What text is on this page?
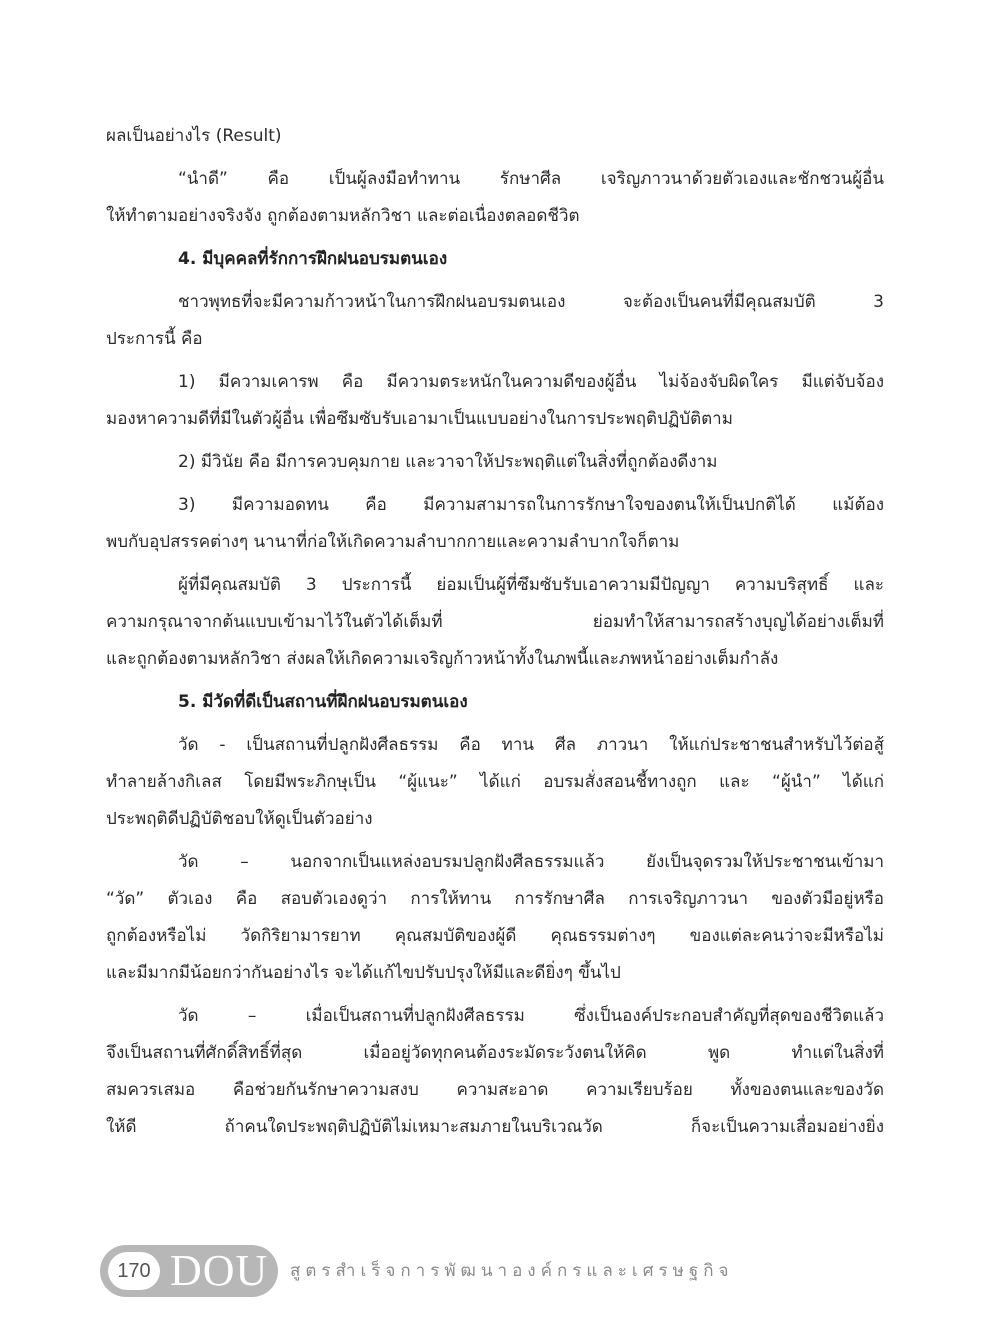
ผลเป็นอย่างไร (Result)
“นำดี” คือ เป็นผู้ลงมือทำทาน รักษาศีล เจริญภาวนาด้วยตัวเองและชักชวนผู้อื่น
ให้ทำตามอย่างจริงจัง ถูกต้องตามหลักวิชา และต่อเนื่องตลอดชีวิต
4. มีบุคคลที่รักการฝึกฝนอบรมตนเอง
ชาวพุทธที่จะมีความก้าวหน้าในการฝึกฝนอบรมตนเอง จะต้องเป็นคนที่มีคุณสมบัติ 3
ประการนี้ คือ
1) มีความเคารพ คือ มีความตระหนักในความดีของผู้อื่น ไม่จ้องจับผิดใคร มีแต่จับจ้อง
มองหาความดีที่มีในตัวผู้อื่น เพื่อซึมซับรับเอามาเป็นแบบอย่างในการประพฤติปฏิบัติตาม
2) มีวินัย คือ มีการควบคุมกาย และวาจาให้ประพฤติแต่ในสิ่งที่ถูกต้องดีงาม
3) มีความอดทน คือ มีความสามารถในการรักษาใจของตนให้เป็นปกติได้ แม้ต้อง
พบกับอุปสรรคต่างๆ นานาที่ก่อให้เกิดความลำบากกายและความลำบากใจก็ตาม
ผู้ที่มีคุณสมบัติ 3 ประการนี้ ย่อมเป็นผู้ที่ซึมซับรับเอาความมีปัญญา ความบริสุทธิ์ และ
ความกรุณาจากต้นแบบเข้ามาไว้ในตัวได้เต็มที่ ย่อมทำให้สามารถสร้างบุญได้อย่างเต็มที่
และถูกต้องตามหลักวิชา ส่งผลให้เกิดความเจริญก้าวหน้าทั้งในภพนี้และภพหน้าอย่างเต็มกำลัง
5. มีวัดที่ดีเป็นสถานที่ฝึกฝนอบรมตนเอง
วัด - เป็นสถานที่ปลูกฝังศีลธรรม คือ ทาน ศีล ภาวนา ให้แก่ประชาชนสำหรับไว้ต่อสู้
ทำลายล้างกิเลส โดยมีพระภิกษุเป็น “ผู้แนะ” ได้แก่ อบรมสั่งสอนชี้ทางถูก และ “ผู้นำ” ได้แก่
ประพฤติดีปฏิบัติชอบให้ดูเป็นตัวอย่าง
วัด – นอกจากเป็นแหล่งอบรมปลูกฝังศีลธรรมแล้ว ยังเป็นจุดรวมให้ประชาชนเข้ามา
“วัด” ตัวเอง คือ สอบตัวเองดูว่า การให้ทาน การรักษาศีล การเจริญภาวนา ของตัวมีอยู่หรือ
ถูกต้องหรือไม่ วัดกิริยามารยาท คุณสมบัติของผู้ดี คุณธรรมต่างๆ ของแต่ละคนว่าจะมีหรือไม่
และมีมากมีน้อยกว่ากันอย่างไร จะได้แก้ไขปรับปรุงให้มีและดียิ่งๆ ขึ้นไป
วัด – เมื่อเป็นสถานที่ปลูกฝังศีลธรรม ซึ่งเป็นองค์ประกอบสำคัญที่สุดของชีวิตแล้ว
จึงเป็นสถานที่ศักดิ์สิทธิ์ที่สุด เมื่ออยู่วัดทุกคนต้องระมัดระวังตนให้คิด พูด ทำแต่ในสิ่งที่
สมควรเสมอ คือช่วยกันรักษาความสงบ ความสะอาด ความเรียบร้อย ทั้งของตนและของวัด
ให้ดี ถ้าคนใดประพฤติปฏิบัติไม่เหมาะสมภายในบริเวณวัด ก็จะเป็นความเสื่อมอย่างยิ่ง
170 DOU สูตรสำเร็จการพัฒนาองค์กรและเศรษฐกิจ
